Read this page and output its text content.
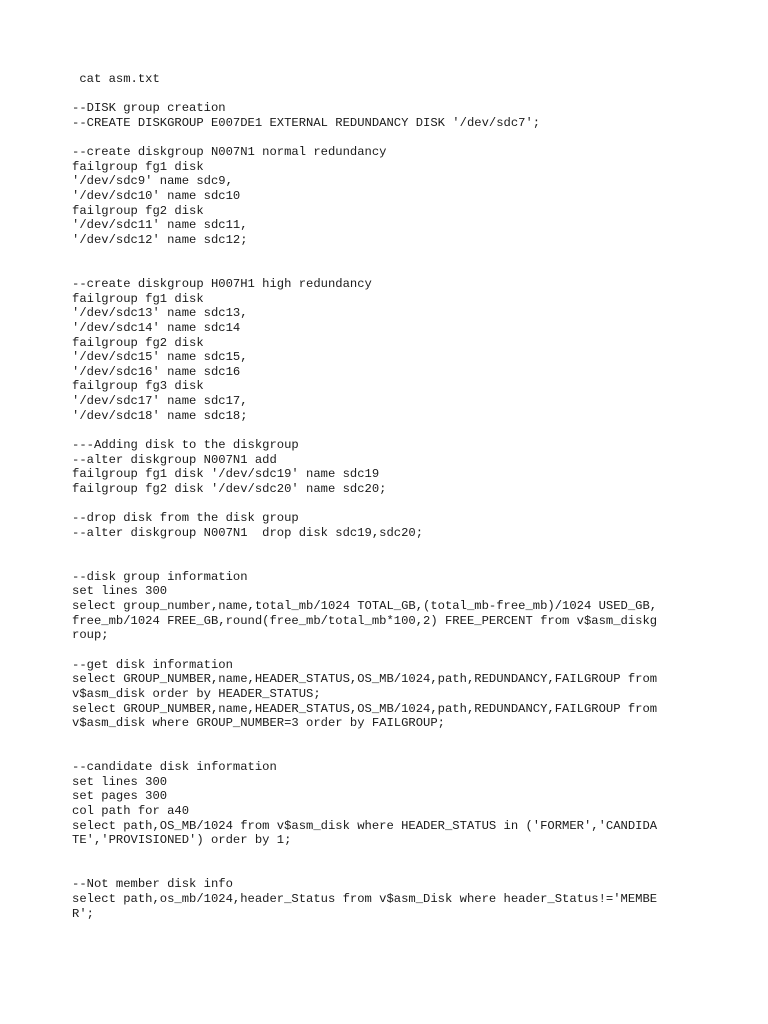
cat asm.txt
--DISK group creation
--CREATE DISKGROUP E007DE1 EXTERNAL REDUNDANCY DISK '/dev/sdc7';
--create diskgroup N007N1 normal redundancy
failgroup fg1 disk
'/dev/sdc9' name sdc9,
'/dev/sdc10' name sdc10
failgroup fg2 disk
'/dev/sdc11' name sdc11,
'/dev/sdc12' name sdc12;
--create diskgroup H007H1 high redundancy
failgroup fg1 disk
'/dev/sdc13' name sdc13,
'/dev/sdc14' name sdc14
failgroup fg2 disk
'/dev/sdc15' name sdc15,
'/dev/sdc16' name sdc16
failgroup fg3 disk
'/dev/sdc17' name sdc17,
'/dev/sdc18' name sdc18;
---Adding disk to the diskgroup
--alter diskgroup N007N1 add
failgroup fg1 disk '/dev/sdc19' name sdc19
failgroup fg2 disk '/dev/sdc20' name sdc20;
--drop disk from the disk group
--alter diskgroup N007N1  drop disk sdc19,sdc20;
--disk group information
set lines 300
select group_number,name,total_mb/1024 TOTAL_GB,(total_mb-free_mb)/1024 USED_GB,
free_mb/1024 FREE_GB,round(free_mb/total_mb*100,2) FREE_PERCENT from v$asm_diskg
roup;
--get disk information
select GROUP_NUMBER,name,HEADER_STATUS,OS_MB/1024,path,REDUNDANCY,FAILGROUP from
v$asm_disk order by HEADER_STATUS;
select GROUP_NUMBER,name,HEADER_STATUS,OS_MB/1024,path,REDUNDANCY,FAILGROUP from
v$asm_disk where GROUP_NUMBER=3 order by FAILGROUP;
--candidate disk information
set lines 300
set pages 300
col path for a40
select path,OS_MB/1024 from v$asm_disk where HEADER_STATUS in ('FORMER','CANDIDA
TE','PROVISIONED') order by 1;
--Not member disk info
select path,os_mb/1024,header_Status from v$asm_Disk where header_Status!='MEMBE
R';
